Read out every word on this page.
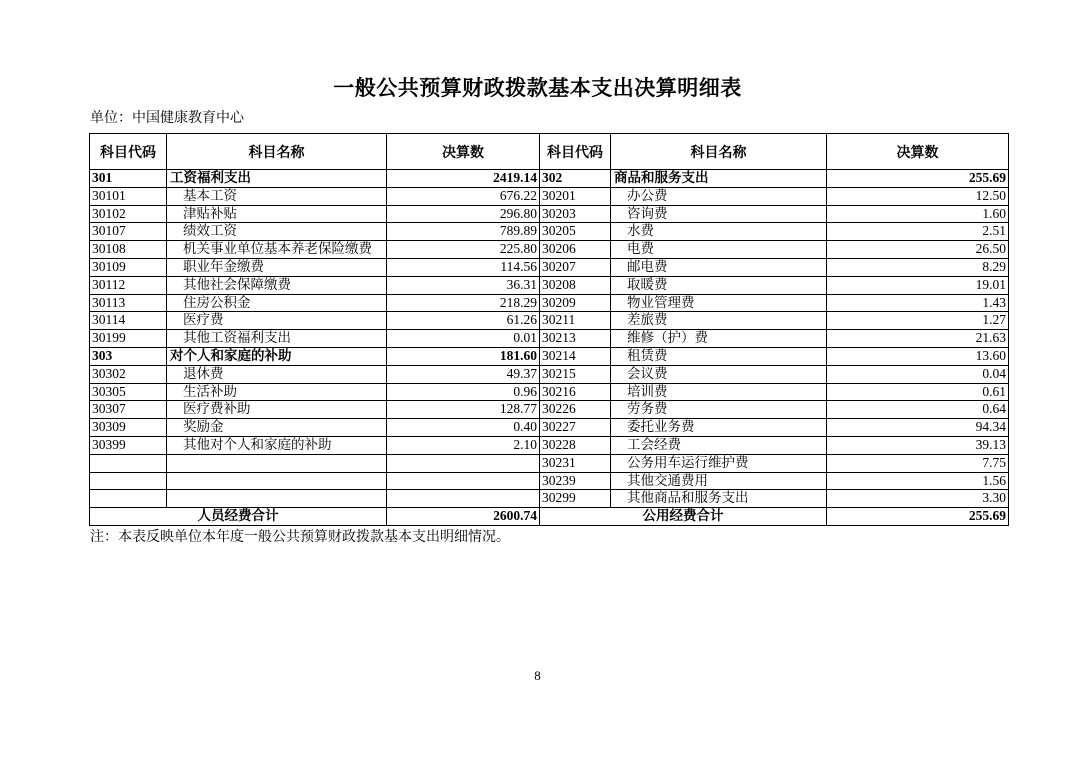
一般公共预算财政拨款基本支出决算明细表
单位：中国健康教育中心
科目代码	科目名称	决算数	科目代码	科目名称	决算数
301	工资福利支出	2419.14	302	商品和服务支出	255.69
30101	基本工资	676.22	30201	办公费	12.50
30102	津贴补贴	296.80	30203	咨询费	1.60
30107	绩效工资	789.89	30205	水费	2.51
30108	机关事业单位基本养老保险缴费	225.80	30206	电费	26.50
30109	职业年金缴费	114.56	30207	邮电费	8.29
30112	其他社会保障缴费	36.31	30208	取暖费	19.01
30113	住房公积金	218.29	30209	物业管理费	1.43
30114	医疗费	61.26	30211	差旅费	1.27
30199	其他工资福利支出	0.01	30213	维修（护）费	21.63
303	对个人和家庭的补助	181.60	30214	租赁费	13.60
30302	退休费	49.37	30215	会议费	0.04
30305	生活补助	0.96	30216	培训费	0.61
30307	医疗费补助	128.77	30226	劳务费	0.64
30309	奖励金	0.40	30227	委托业务费	94.34
30399	其他对个人和家庭的补助	2.10	30228	工会经费	39.13
			30231	公务用车运行维护费	7.75
			30239	其他交通费用	1.56
			30299	其他商品和服务支出	3.30
人员经费合计		2600.74	公用经费合计		255.69
注：本表反映单位本年度一般公共预算财政拨款基本支出明细情况。
8
